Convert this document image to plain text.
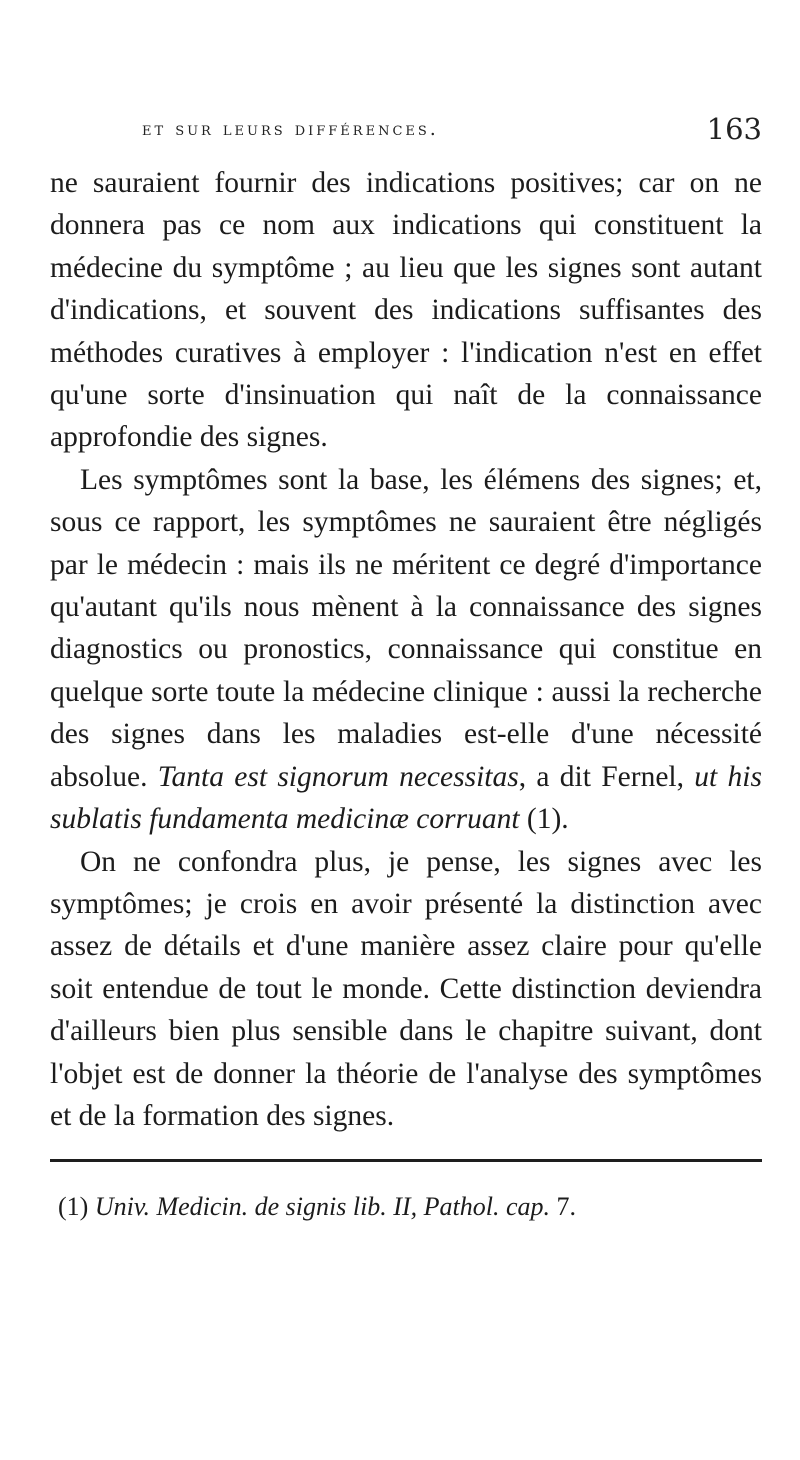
et sur leurs différences.	163

ne sauraient fournir des indications positives; car on ne donnera pas ce nom aux indications qui constituent la médecine du symptôme ; au lieu que les signes sont autant d'indications, et souvent des indications suffisantes des méthodes curatives à employer : l'indication n'est en effet qu'une sorte d'insinuation qui naît de la connaissance approfondie des signes.

Les symptômes sont la base, les élémens des signes; et, sous ce rapport, les symptômes ne sauraient être négligés par le médecin : mais ils ne méritent ce degré d'importance qu'autant qu'ils nous mènent à la connaissance des signes diagnostics ou pronostics, connaissance qui constitue en quelque sorte toute la médecine clinique : aussi la recherche des signes dans les maladies est-elle d'une nécessité absolue. Tanta est signorum necessitas, a dit Fernel, ut his sublatis fundamenta medicinæ corruant (1).

On ne confondra plus, je pense, les signes avec les symptômes; je crois en avoir présenté la distinction avec assez de détails et d'une manière assez claire pour qu'elle soit entendue de tout le monde. Cette distinction deviendra d'ailleurs bien plus sensible dans le chapitre suivant, dont l'objet est de donner la théorie de l'analyse des symptômes et de la formation des signes.

(1) Univ. Medicin. de signis lib. II, Pathol. cap. 7.
